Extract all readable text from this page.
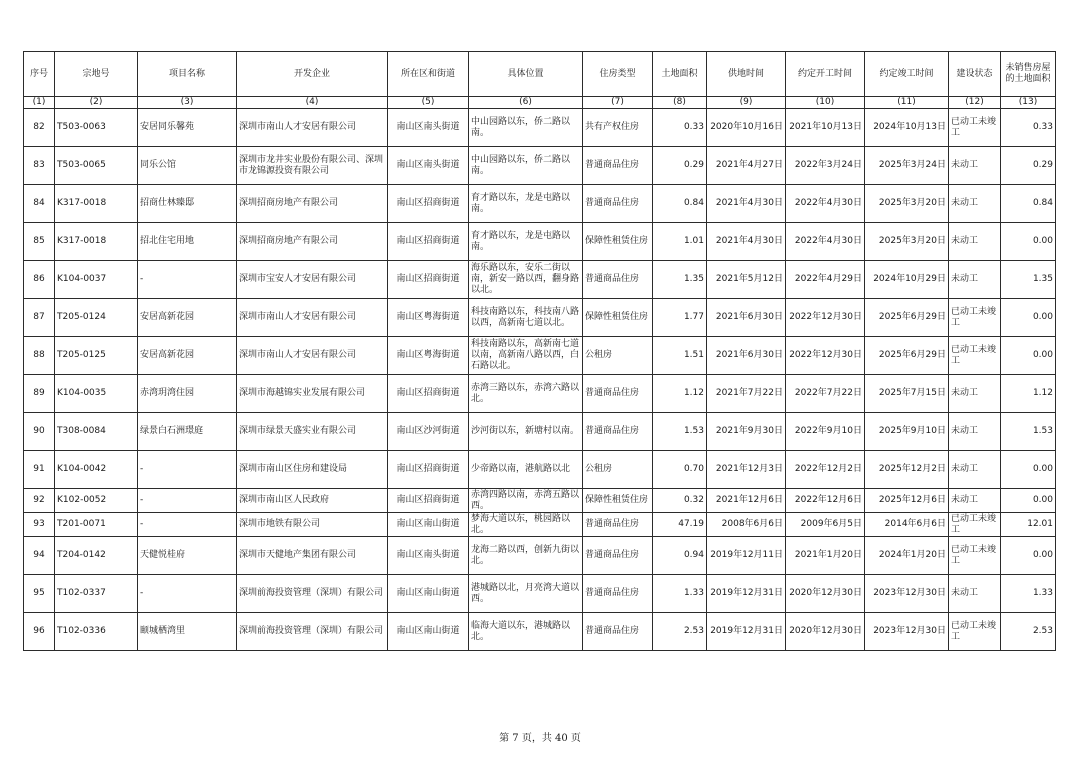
序号	宗地号	项目名称	开发企业	所在区和街道	具体位置	住房类型	土地面积	供地时间	约定开工时间	约定竣工时间	建设状态	未销售房屋的土地面积
(1)	(2)	(3)	(4)	(5)	(6)	(7)	(8)	(9)	(10)	(11)	(12)	(13)
82	T503-0063	安居同乐馨苑	深圳市南山人才安居有限公司	南山区南头街道	中山园路以东，侨二路以南。	共有产权住房	0.33	2020年10月16日	2021年10月13日	2024年10月13日	已动工未竣工	0.33
83	T503-0065	同乐公馆	深圳市龙井实业股份有限公司、深圳市龙锦源投资有限公司	南山区南头街道	中山园路以东，侨二路以南。	普通商品住房	0.29	2021年4月27日	2022年3月24日	2025年3月24日	未动工	0.29
84	K317-0018	招商仕林臻邸	深圳招商房地产有限公司	南山区招商街道	育才路以东，龙是屯路以南。	普通商品住房	0.84	2021年4月30日	2022年4月30日	2025年3月20日	未动工	0.84
85	K317-0018	招北住宅用地	深圳招商房地产有限公司	南山区招商街道	育才路以东，龙是屯路以南。	保障性租赁住房	1.01	2021年4月30日	2022年4月30日	2025年3月20日	未动工	0.00
86	K104-0037	-	深圳市宝安人才安居有限公司	南山区招商街道	海乐路以东，安乐二街以南，新安一路以西，翻身路以北。	普通商品住房	1.35	2021年5月12日	2022年4月29日	2024年10月29日	未动工	1.35
87	T205-0124	安居高新花园	深圳市南山人才安居有限公司	南山区粤海街道	科技南路以东，科技南八路以西，高新南七道以北。	保障性租赁住房	1.77	2021年6月30日	2022年12月30日	2025年6月29日	已动工未竣工	0.00
88	T205-0125	安居高新花园	深圳市南山人才安居有限公司	南山区粤海街道	科技南路以东，高新南七道以南，高新南八路以西，白石路以北。	公租房	1.51	2021年6月30日	2022年12月30日	2025年6月29日	已动工未竣工	0.00
89	K104-0035	赤湾玥湾住园	深圳市海越锦实业发展有限公司	南山区招商街道	赤湾三路以东，赤湾六路以北。	普通商品住房	1.12	2021年7月22日	2022年7月22日	2025年7月15日	未动工	1.12
90	T308-0084	绿景白石洲璟庭	深圳市绿景天盛实业有限公司	南山区沙河街道	沙河街以东，新塘村以南。	普通商品住房	1.53	2021年9月30日	2022年9月10日	2025年9月10日	未动工	1.53
91	K104-0042	-	深圳市南山区住房和建设局	南山区招商街道	少帝路以南，港航路以北	公租房	0.70	2021年12月3日	2022年12月2日	2025年12月2日	未动工	0.00
92	K102-0052	-	深圳市南山区人民政府	南山区招商街道	赤湾四路以南，赤湾五路以西。	保障性租赁住房	0.32	2021年12月6日	2022年12月6日	2025年12月6日	未动工	0.00
93	T201-0071	-	深圳市地铁有限公司	南山区南山街道	梦海大道以东，桃园路以北。	普通商品住房	47.19	2008年6月6日	2009年6月5日	2014年6月6日	已动工未竣工	12.01
94	T204-0142	天健悦桂府	深圳市天健地产集团有限公司	南山区南头街道	龙海二路以西，创新九街以北。	普通商品住房	0.94	2019年12月11日	2021年1月20日	2024年1月20日	已动工未竣工	0.00
95	T102-0337	-	深圳前海投资管理（深圳）有限公司	南山区南山街道	港城路以北，月亮湾大道以西。	普通商品住房	1.33	2019年12月31日	2020年12月30日	2023年12月30日	未动工	1.33
96	T102-0336	颐城栖湾里	深圳前海投资管理（深圳）有限公司	南山区南山街道	临海大道以东，港城路以北。	普通商品住房	2.53	2019年12月31日	2020年12月30日	2023年12月30日	已动工未竣工	2.53
第 7 页，共 40 页
